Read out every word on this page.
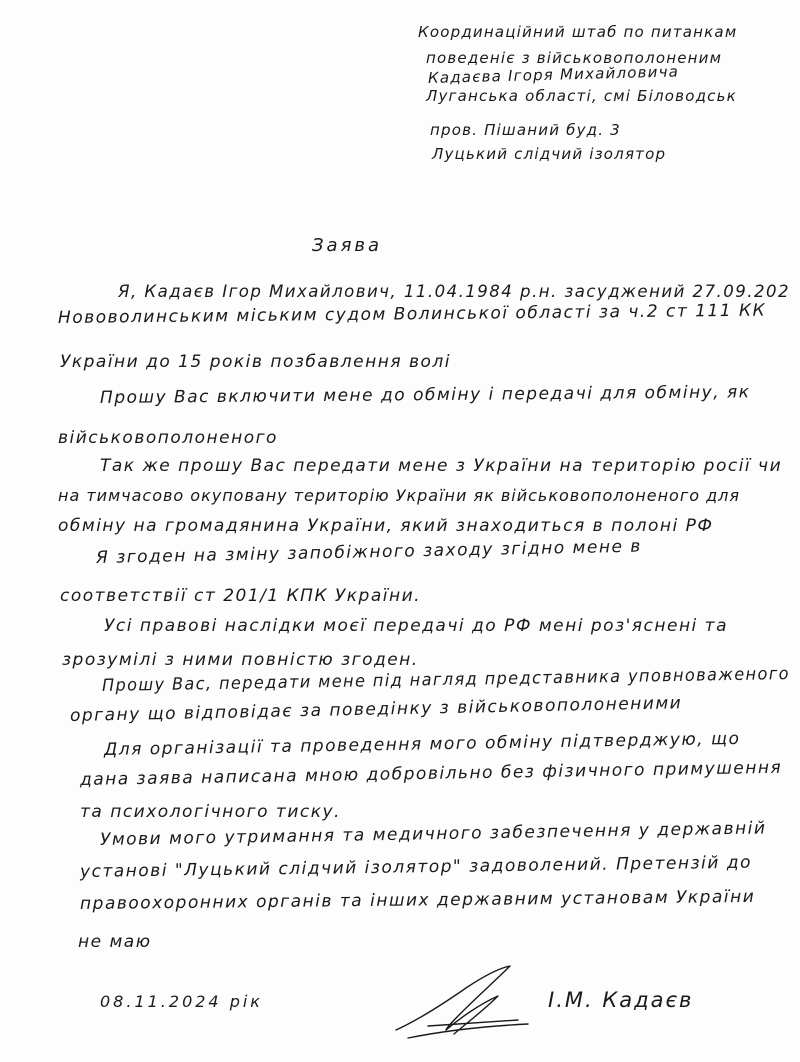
Координаційний штаб по питанкам
поведеніє з військовополоненим
Кадаєва Ігоря Михайловича
Луганська області, смі Біловодськ
пров. Пішаний буд. 3
Луцький слідчий ізолятор
Заява
Я, Кадаєв Ігор Михайлович, 11.04.1984 р.н. засуджений 27.09.202
Нововолинським міським судом Волинської області за ч.2 ст 111 КК
України до 15 років позбавлення волі
Прошу Вас включити мене до обміну і передачі для обміну, як
військовополоненого
Так же прошу Вас передати мене з України на територію росії чи
на тимчасово окуповану територію України як військовополоненого для
обміну на громадянина України, який знаходиться в полоні РФ
Я згоден на зміну запобіжного заходу згідно мене в
соответствії ст 201/1 КПК України.
Усі правові наслідки моєї передачі до РФ мені роз'яснені та
зрозумілі з ними повністю згоден.
Прошу Вас, передати мене під нагляд представника уповноваженого
органу що відповідає за поведінку з військовополоненими
Для організації та проведення мого обміну підтверджую, що
дана заява написана мною добровільно без фізичного примушення
та психологічного тиску.
Умови мого утримання та медичного забезпечення у державній
установі "Луцький слідчий ізолятор" задоволений. Претензій до
правоохоронних органів та інших державним установам України
не маю
08.11.2024 рік	І.М. Кадаєв
